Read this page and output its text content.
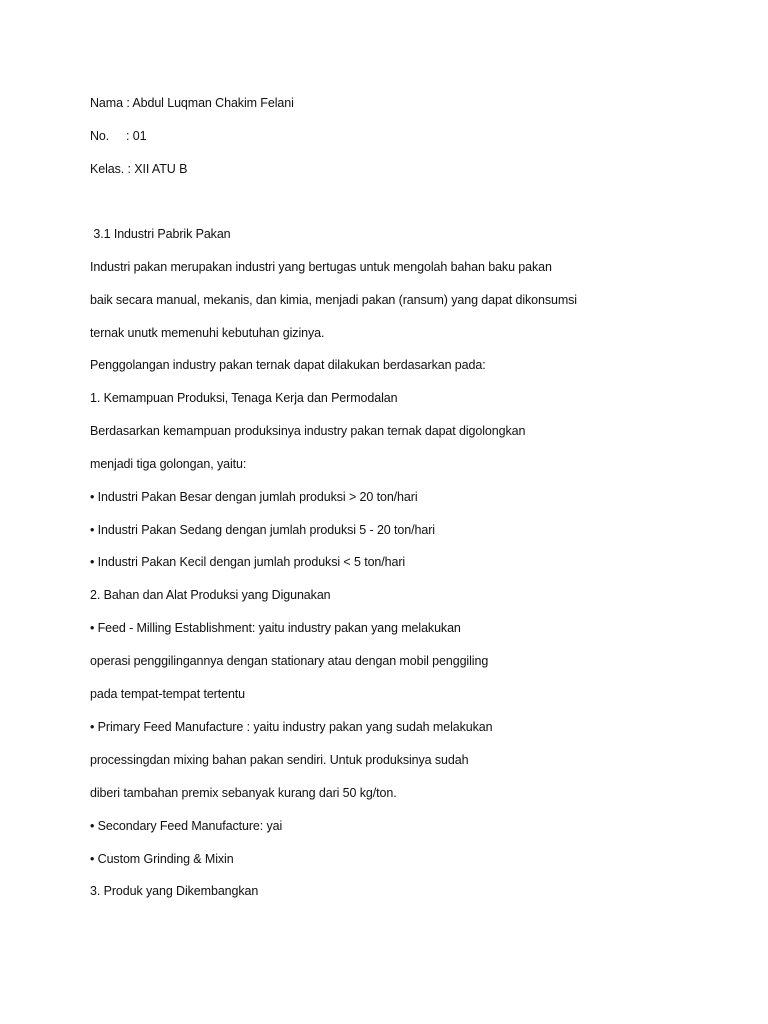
Nama : Abdul Luqman Chakim Felani
No.     : 01
Kelas. : XII ATU B
3.1 Industri Pabrik Pakan
Industri pakan merupakan industri yang bertugas untuk mengolah bahan baku pakan
baik secara manual, mekanis, dan kimia, menjadi pakan (ransum) yang dapat dikonsumsi
ternak unutk memenuhi kebutuhan gizinya.
Penggolangan industry pakan ternak dapat dilakukan berdasarkan pada:
1. Kemampuan Produksi, Tenaga Kerja dan Permodalan
Berdasarkan kemampuan produksinya industry pakan ternak dapat digolongkan
menjadi tiga golongan, yaitu:
• Industri Pakan Besar dengan jumlah produksi > 20 ton/hari
• Industri Pakan Sedang dengan jumlah produksi 5 - 20 ton/hari
• Industri Pakan Kecil dengan jumlah produksi < 5 ton/hari
2. Bahan dan Alat Produksi yang Digunakan
• Feed - Milling Establishment: yaitu industry pakan yang melakukan
operasi penggilingannya dengan stationary atau dengan mobil penggiling
pada tempat-tempat tertentu
• Primary Feed Manufacture : yaitu industry pakan yang sudah melakukan
processingdan mixing bahan pakan sendiri. Untuk produksinya sudah
diberi tambahan premix sebanyak kurang dari 50 kg/ton.
• Secondary Feed Manufacture: yai
• Custom Grinding & Mixin
3. Produk yang Dikembangkan
